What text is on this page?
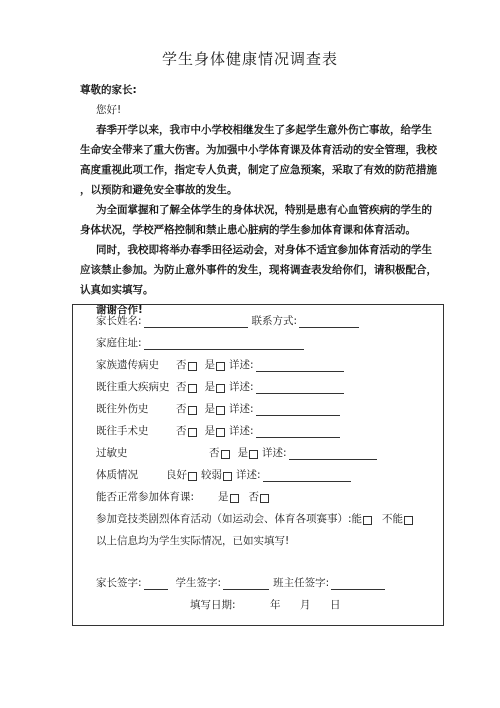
学生身体健康情况调查表

尊敬的家长:

您好!

春季开学以来，我市中小学校相继发生了多起学生意外伤亡事故，给学生

生命安全带来了重大伤害。为加强中小学体育课及体育活动的安全管理，我校

高度重视此项工作，指定专人负责，制定了应急预案，采取了有效的防范措施

，以预防和避免安全事故的发生。

为全面掌握和了解全体学生的身体状况，特别是患有心血管疾病的学生的

身体状况，学校严格控制和禁止患心脏病的学生参加体育课和体育活动。

同时，我校即将举办春季田径运动会，对身体不适宜参加体育活动的学生

应该禁止参加。为防止意外事件的发生，现将调查表发给你们，请积极配合，

认真如实填写。

谢谢合作!

家长姓名:	联系方式:
家庭住址:
家族遗传病史	否 是 详述:
既往重大疾病史 否 是 详述:
既往外伤史	否 是 详述:
既往手术史	否 是 详述:
过敏史	否 是 详述:
体质情况	良好 较弱 详述:
能否正常参加体育课:	是 否
参加竞技类剧烈体育活动（如运动会、体育各项赛事）: 能 不能
以上信息均为学生实际情况，已如实填写!
家长签字:	学生签字:	班主任签字:
填写日期:	年	月	日
